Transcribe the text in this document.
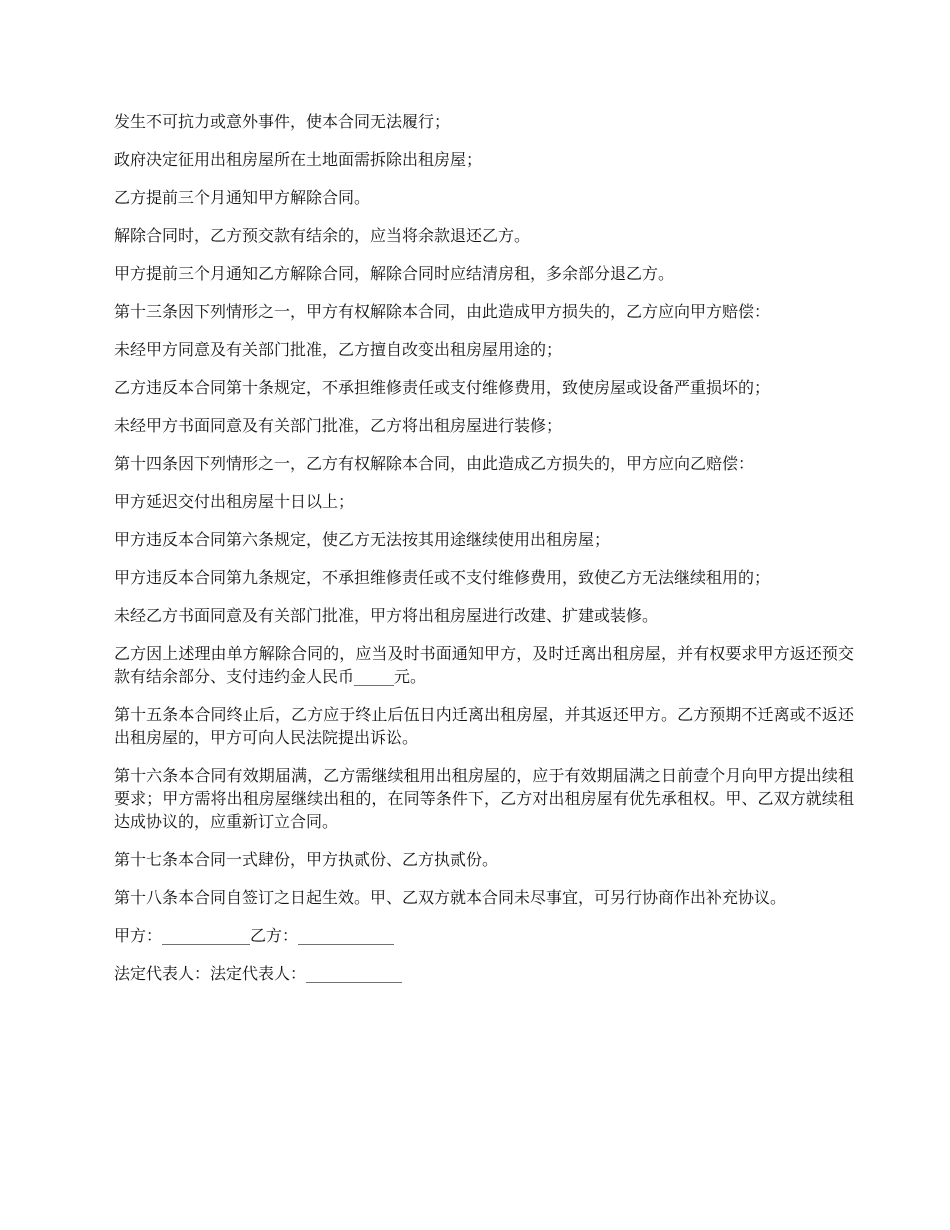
发生不可抗力或意外事件，使本合同无法履行；

政府决定征用出租房屋所在土地面需拆除出租房屋；

乙方提前三个月通知甲方解除合同。

解除合同时，乙方预交款有结余的，应当将余款退还乙方。

甲方提前三个月通知乙方解除合同，解除合同时应结清房租，多余部分退乙方。

第十三条因下列情形之一，甲方有权解除本合同，由此造成甲方损失的，乙方应向甲方赔偿：

未经甲方同意及有关部门批准，乙方擅自改变出租房屋用途的；

乙方违反本合同第十条规定，不承担维修责任或支付维修费用，致使房屋或设备严重损坏的；

未经甲方书面同意及有关部门批准，乙方将出租房屋进行装修；

第十四条因下列情形之一，乙方有权解除本合同，由此造成乙方损失的，甲方应向乙赔偿：

甲方延迟交付出租房屋十日以上；

甲方违反本合同第六条规定，使乙方无法按其用途继续使用出租房屋；

甲方违反本合同第九条规定，不承担维修责任或不支付维修费用，致使乙方无法继续租用的；

未经乙方书面同意及有关部门批准，甲方将出租房屋进行改建、扩建或装修。

乙方因上述理由单方解除合同的，应当及时书面通知甲方，及时迁离出租房屋，并有权要求甲方返还预交款有结余部分、支付违约金人民币_____元。

第十五条本合同终止后，乙方应于终止后伍日内迁离出租房屋，并其返还甲方。乙方预期不迁离或不返还出租房屋的，甲方可向人民法院提出诉讼。

第十六条本合同有效期届满，乙方需继续租用出租房屋的，应于有效期届满之日前壹个月向甲方提出续租要求；甲方需将出租房屋继续出租的，在同等条件下，乙方对出租房屋有优先承租权。甲、乙双方就续租达成协议的，应重新订立合同。

第十七条本合同一式肆份，甲方执贰份、乙方执贰份。

第十八条本合同自签订之日起生效。甲、乙双方就本合同未尽事宜，可另行协商作出补充协议。

甲方：___________乙方：____________

法定代表人：法定代表人：____________
